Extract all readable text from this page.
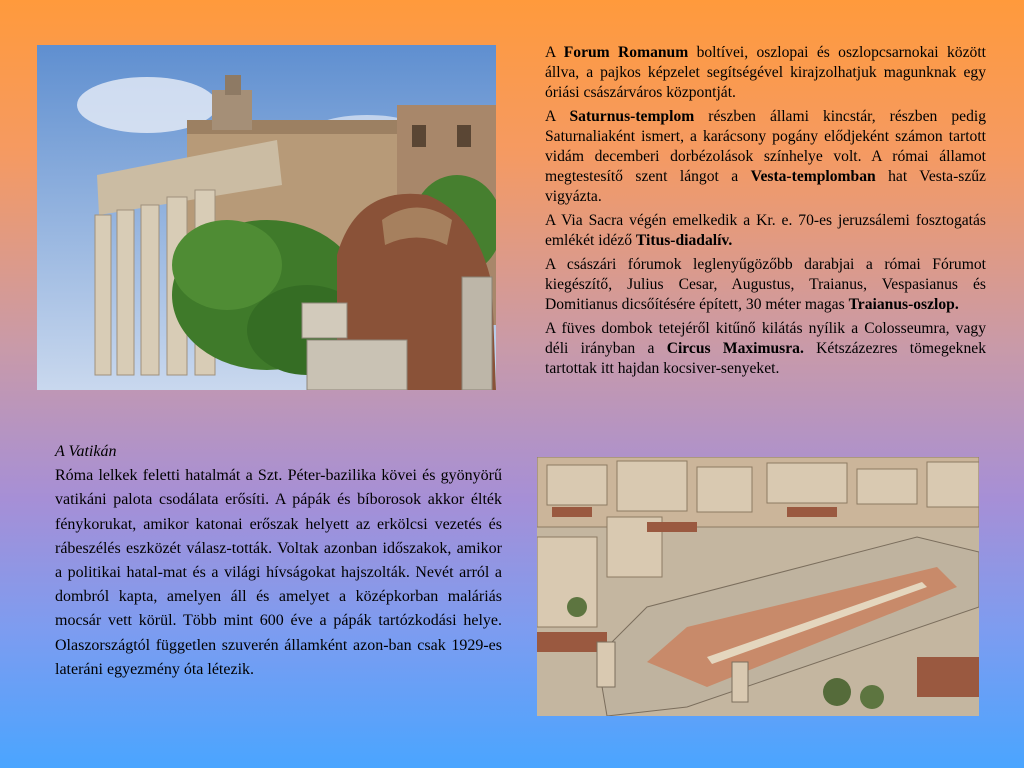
A Forum Romanum boltívei, oszlopai és oszlopcsarnokai között állva, a pajkos képzelet segítségével kirajzolhatjuk magunknak egy óriási császárváros központját.

A Saturnus-templom részben állami kincstár, részben pedig Saturnaliaként ismert, a karácsony pogány elődjeként számon tartott vidám decemberi dorbézolások színhelye volt. A római államot megtestesítő szent lángot a Vesta-templomban hat Vesta-szűz vigyázta.

A Via Sacra végén emelkedik a Kr. e. 70-es jeruzsálemi fosztogatás emlékét idéző Titus-diadalív.

A császári fórumok leglenyűgözőbb darabjai a római Fórumot kiegészítő, Julius Cesar, Augustus, Traianus, Vespasianus és Domitianus dicsőítésére épített, 30 méter magas Traianus-oszlop.

A füves dombok tetejéről kitűnő kilátás nyílik a Colosseumra, vagy déli irányban a Circus Maximusra. Kétszázezres tömegeknek tartottak itt hajdan kocsiver-senyeket.

A Vatikán

Róma lelkek feletti hatalmát a Szt. Péter-bazilika kövei és gyönyörű vatikáni palota csodálata erősíti. A pápák és bíborosok akkor élték fénykorukat, amikor katonai erőszak helyett az erkölcsi vezetés és rábeszélés eszközét válasz-tották. Voltak azonban időszakok, amikor a politikai hatal-mat és a világi hívságokat hajszolták. Nevét arról a dombról kapta, amelyen áll és amelyet a középkorban maláriás mocsár vett körül. Több mint 600 éve a pápák tartózkodási helye. Olaszországtól független szuverén államként azon-ban csak 1929-es lateráni egyezmény óta létezik.
